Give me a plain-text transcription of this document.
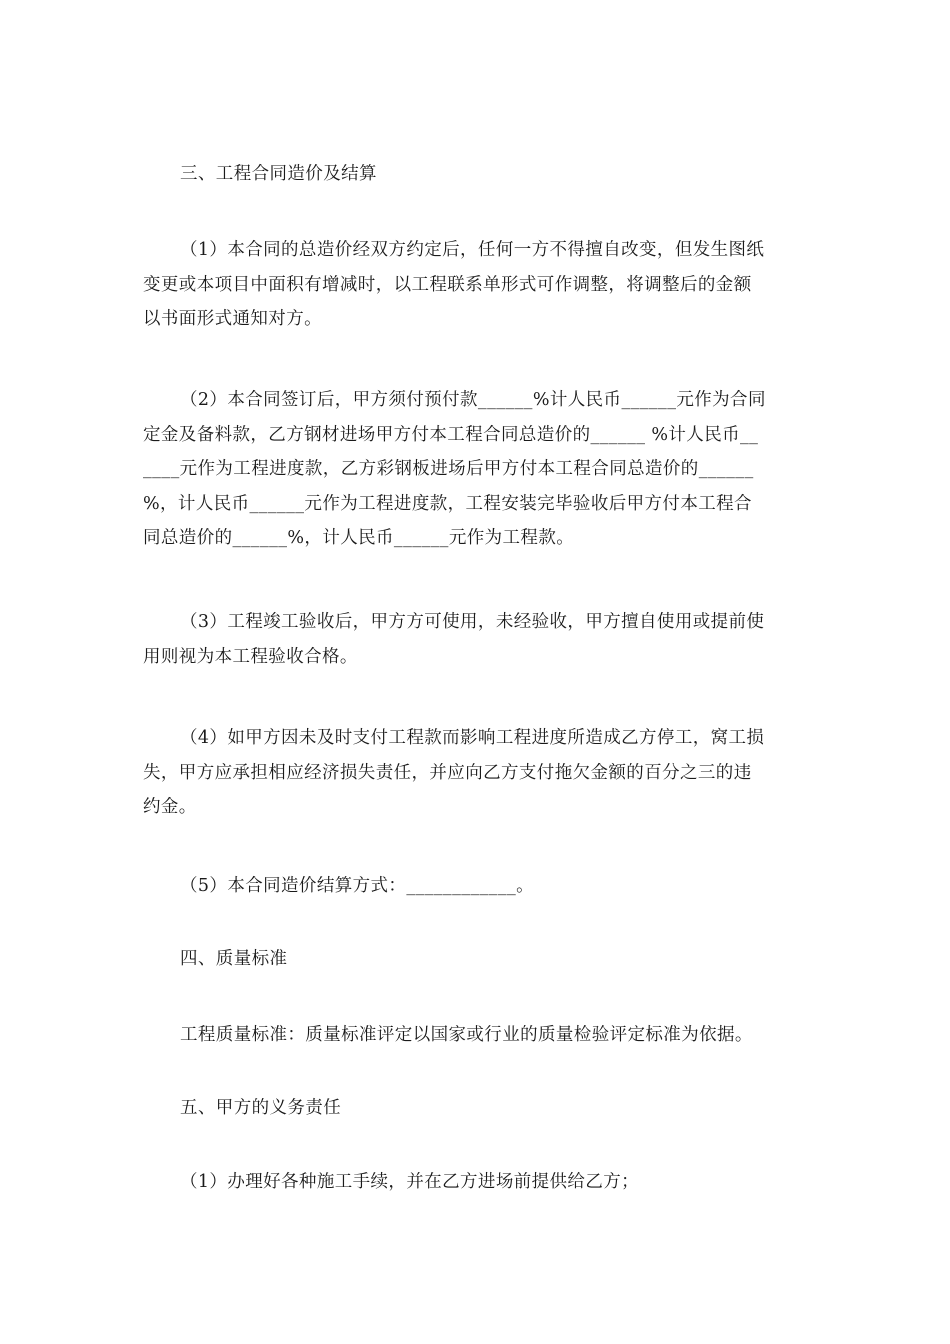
三、工程合同造价及结算

（1）本合同的总造价经双方约定后，任何一方不得擅自改变，但发生图纸

变更或本项目中面积有增减时，以工程联系单形式可作调整，将调整后的金额

以书面形式通知对方。

（2）本合同签订后，甲方须付预付款______%计人民币______元作为合同

定金及备料款，乙方钢材进场甲方付本工程合同总造价的______ %计人民币__

____元作为工程进度款，乙方彩钢板进场后甲方付本工程合同总造价的______

%，计人民币______元作为工程进度款，工程安装完毕验收后甲方付本工程合

同总造价的______%，计人民币______元作为工程款。

（3）工程竣工验收后，甲方方可使用，未经验收，甲方擅自使用或提前使

用则视为本工程验收合格。

（4）如甲方因未及时支付工程款而影响工程进度所造成乙方停工，窝工损

失，甲方应承担相应经济损失责任，并应向乙方支付拖欠金额的百分之三的违

约金。

（5）本合同造价结算方式：____________。

四、质量标准

工程质量标准：质量标准评定以国家或行业的质量检验评定标准为依据。

五、甲方的义务责任

（1）办理好各种施工手续，并在乙方进场前提供给乙方；
